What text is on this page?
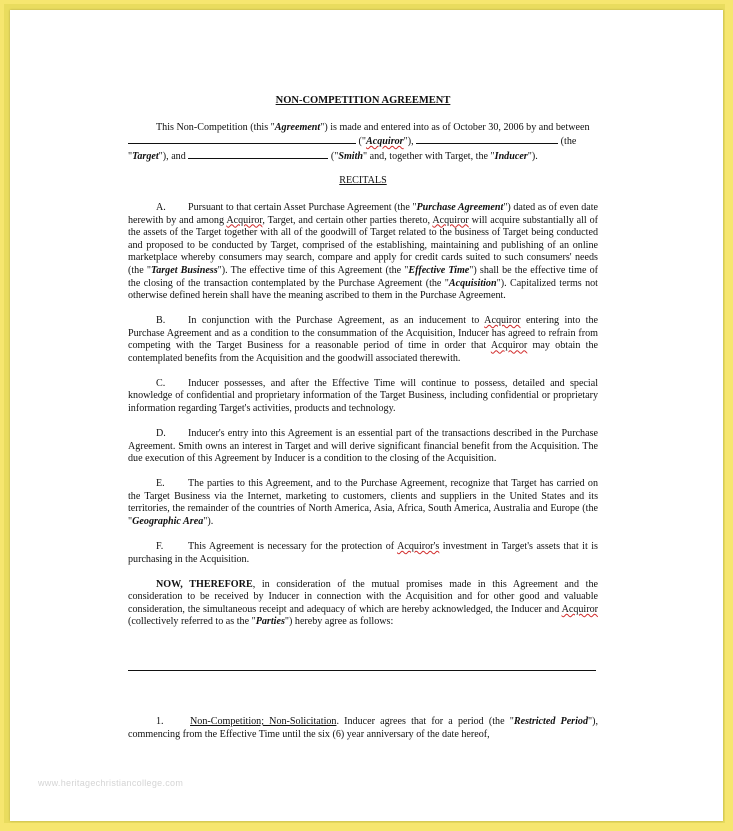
NON-COMPETITION AGREEMENT
This Non-Competition (this "Agreement") is made and entered into as of October 30, 2006 by and between  ("Acquiror"),	(the "Target"), and	("Smith" and, together with Target, the "Inducer").
RECITALS
A. Pursuant to that certain Asset Purchase Agreement (the "Purchase Agreement") dated as of even date herewith by and among Acquiror, Target, and certain other parties thereto, Acquiror will acquire substantially all of the assets of the Target together with all of the goodwill of Target related to the business of Target being conducted and proposed to be conducted by Target, comprised of the establishing, maintaining and publishing of an online marketplace whereby consumers may search, compare and apply for credit cards suited to such consumers' needs (the "Target Business"). The effective time of this Agreement (the "Effective Time") shall be the effective time of the closing of the transaction contemplated by the Purchase Agreement (the "Acquisition"). Capitalized terms not otherwise defined herein shall have the meaning ascribed to them in the Purchase Agreement.
B. In conjunction with the Purchase Agreement, as an inducement to Acquiror entering into the Purchase Agreement and as a condition to the consummation of the Acquisition, Inducer has agreed to refrain from competing with the Target Business for a reasonable period of time in order that Acquiror may obtain the contemplated benefits from the Acquisition and the goodwill associated therewith.
C. Inducer possesses, and after the Effective Time will continue to possess, detailed and special knowledge of confidential and proprietary information of the Target Business, including confidential or proprietary information regarding Target's activities, products and technology.
D. Inducer's entry into this Agreement is an essential part of the transactions described in the Purchase Agreement. Smith owns an interest in Target and will derive significant financial benefit from the Acquisition. The due execution of this Agreement by Inducer is a condition to the closing of the Acquisition.
E. The parties to this Agreement, and to the Purchase Agreement, recognize that Target has carried on the Target Business via the Internet, marketing to customers, clients and suppliers in the United States and its territories, the remainder of the countries of North America, Asia, Africa, South America, Australia and Europe (the "Geographic Area").
F. This Agreement is necessary for the protection of Acquiror's investment in Target's assets that it is purchasing in the Acquisition.
NOW, THEREFORE, in consideration of the mutual promises made in this Agreement and the consideration to be received by Inducer in connection with the Acquisition and for other good and valuable consideration, the simultaneous receipt and adequacy of which are hereby acknowledged, the Inducer and Acquiror (collectively referred to as the "Parties") hereby agree as follows:
1.	Non-Competition; Non-Solicitation. Inducer agrees that for a period (the "Restricted Period"), commencing from the Effective Time until the six (6) year anniversary of the date hereof,
www.heritagechristiancollege.com
